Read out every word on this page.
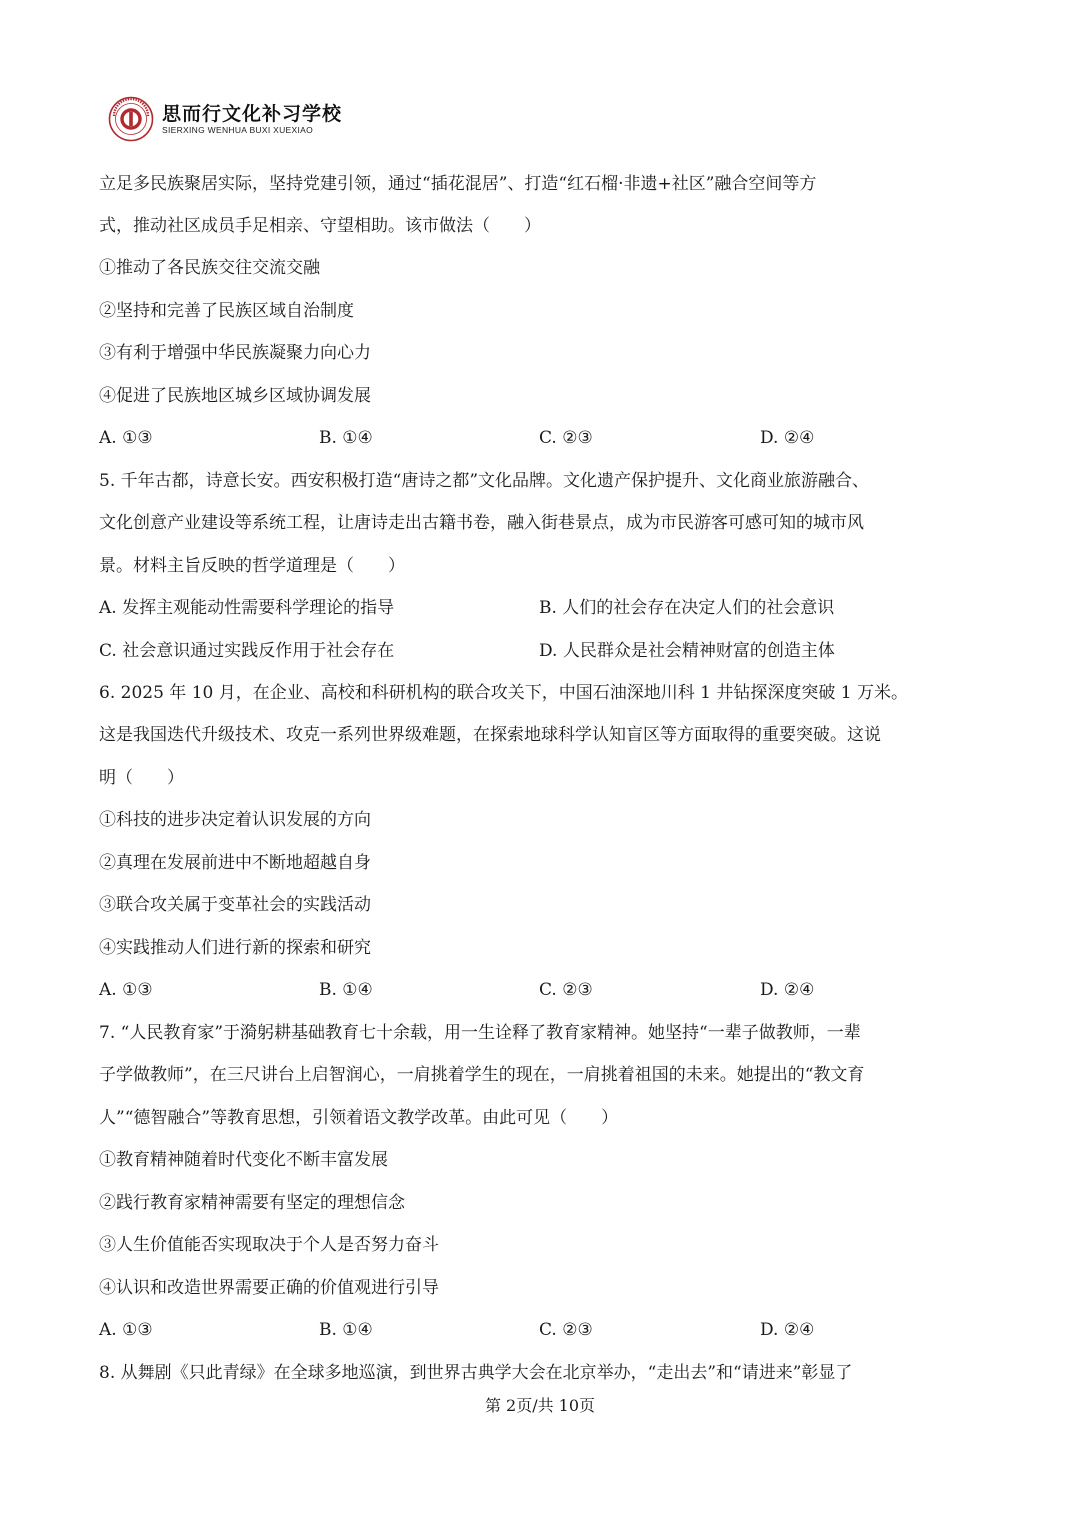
思而行文化补习学校
SIERXING WENHUA BUXI XUEXIAO
立足多民族聚居实际，坚持党建引领，通过“插花混居”、打造“红石榴·非遗+社区”融合空间等方
式，推动社区成员手足相亲、守望相助。该市做法（　　）
①推动了各民族交往交流交融
②坚持和完善了民族区域自治制度
③有利于增强中华民族凝聚力向心力
④促进了民族地区城乡区域协调发展
A. ①③	B. ①④	C. ②③	D. ②④
5. 千年古都，诗意长安。西安积极打造“唐诗之都”文化品牌。文化遗产保护提升、文化商业旅游融合、
文化创意产业建设等系统工程，让唐诗走出古籍书卷，融入街巷景点，成为市民游客可感可知的城市风
景。材料主旨反映的哲学道理是（　　）
A. 发挥主观能动性需要科学理论的指导	B. 人们的社会存在决定人们的社会意识
C. 社会意识通过实践反作用于社会存在	D. 人民群众是社会精神财富的创造主体
6. 2025 年 10 月，在企业、高校和科研机构的联合攻关下，中国石油深地川科 1 井钻探深度突破 1 万米。
这是我国迭代升级技术、攻克一系列世界级难题，在探索地球科学认知盲区等方面取得的重要突破。这说
明（　　）
①科技的进步决定着认识发展的方向
②真理在发展前进中不断地超越自身
③联合攻关属于变革社会的实践活动
④实践推动人们进行新的探索和研究
A. ①③	B. ①④	C. ②③	D. ②④
7. “人民教育家”于漪躬耕基础教育七十余载，用一生诠释了教育家精神。她坚持“一辈子做教师，一辈
子学做教师”，在三尺讲台上启智润心，一肩挑着学生的现在，一肩挑着祖国的未来。她提出的“教文育
人”“德智融合”等教育思想，引领着语文教学改革。由此可见（　　）
①教育精神随着时代变化不断丰富发展
②践行教育家精神需要有坚定的理想信念
③人生价值能否实现取决于个人是否努力奋斗
④认识和改造世界需要正确的价值观进行引导
A. ①③	B. ①④	C. ②③	D. ②④
8. 从舞剧《只此青绿》在全球多地巡演，到世界古典学大会在北京举办，“走出去”和“请进来”彰显了
第 2页/共 10页
